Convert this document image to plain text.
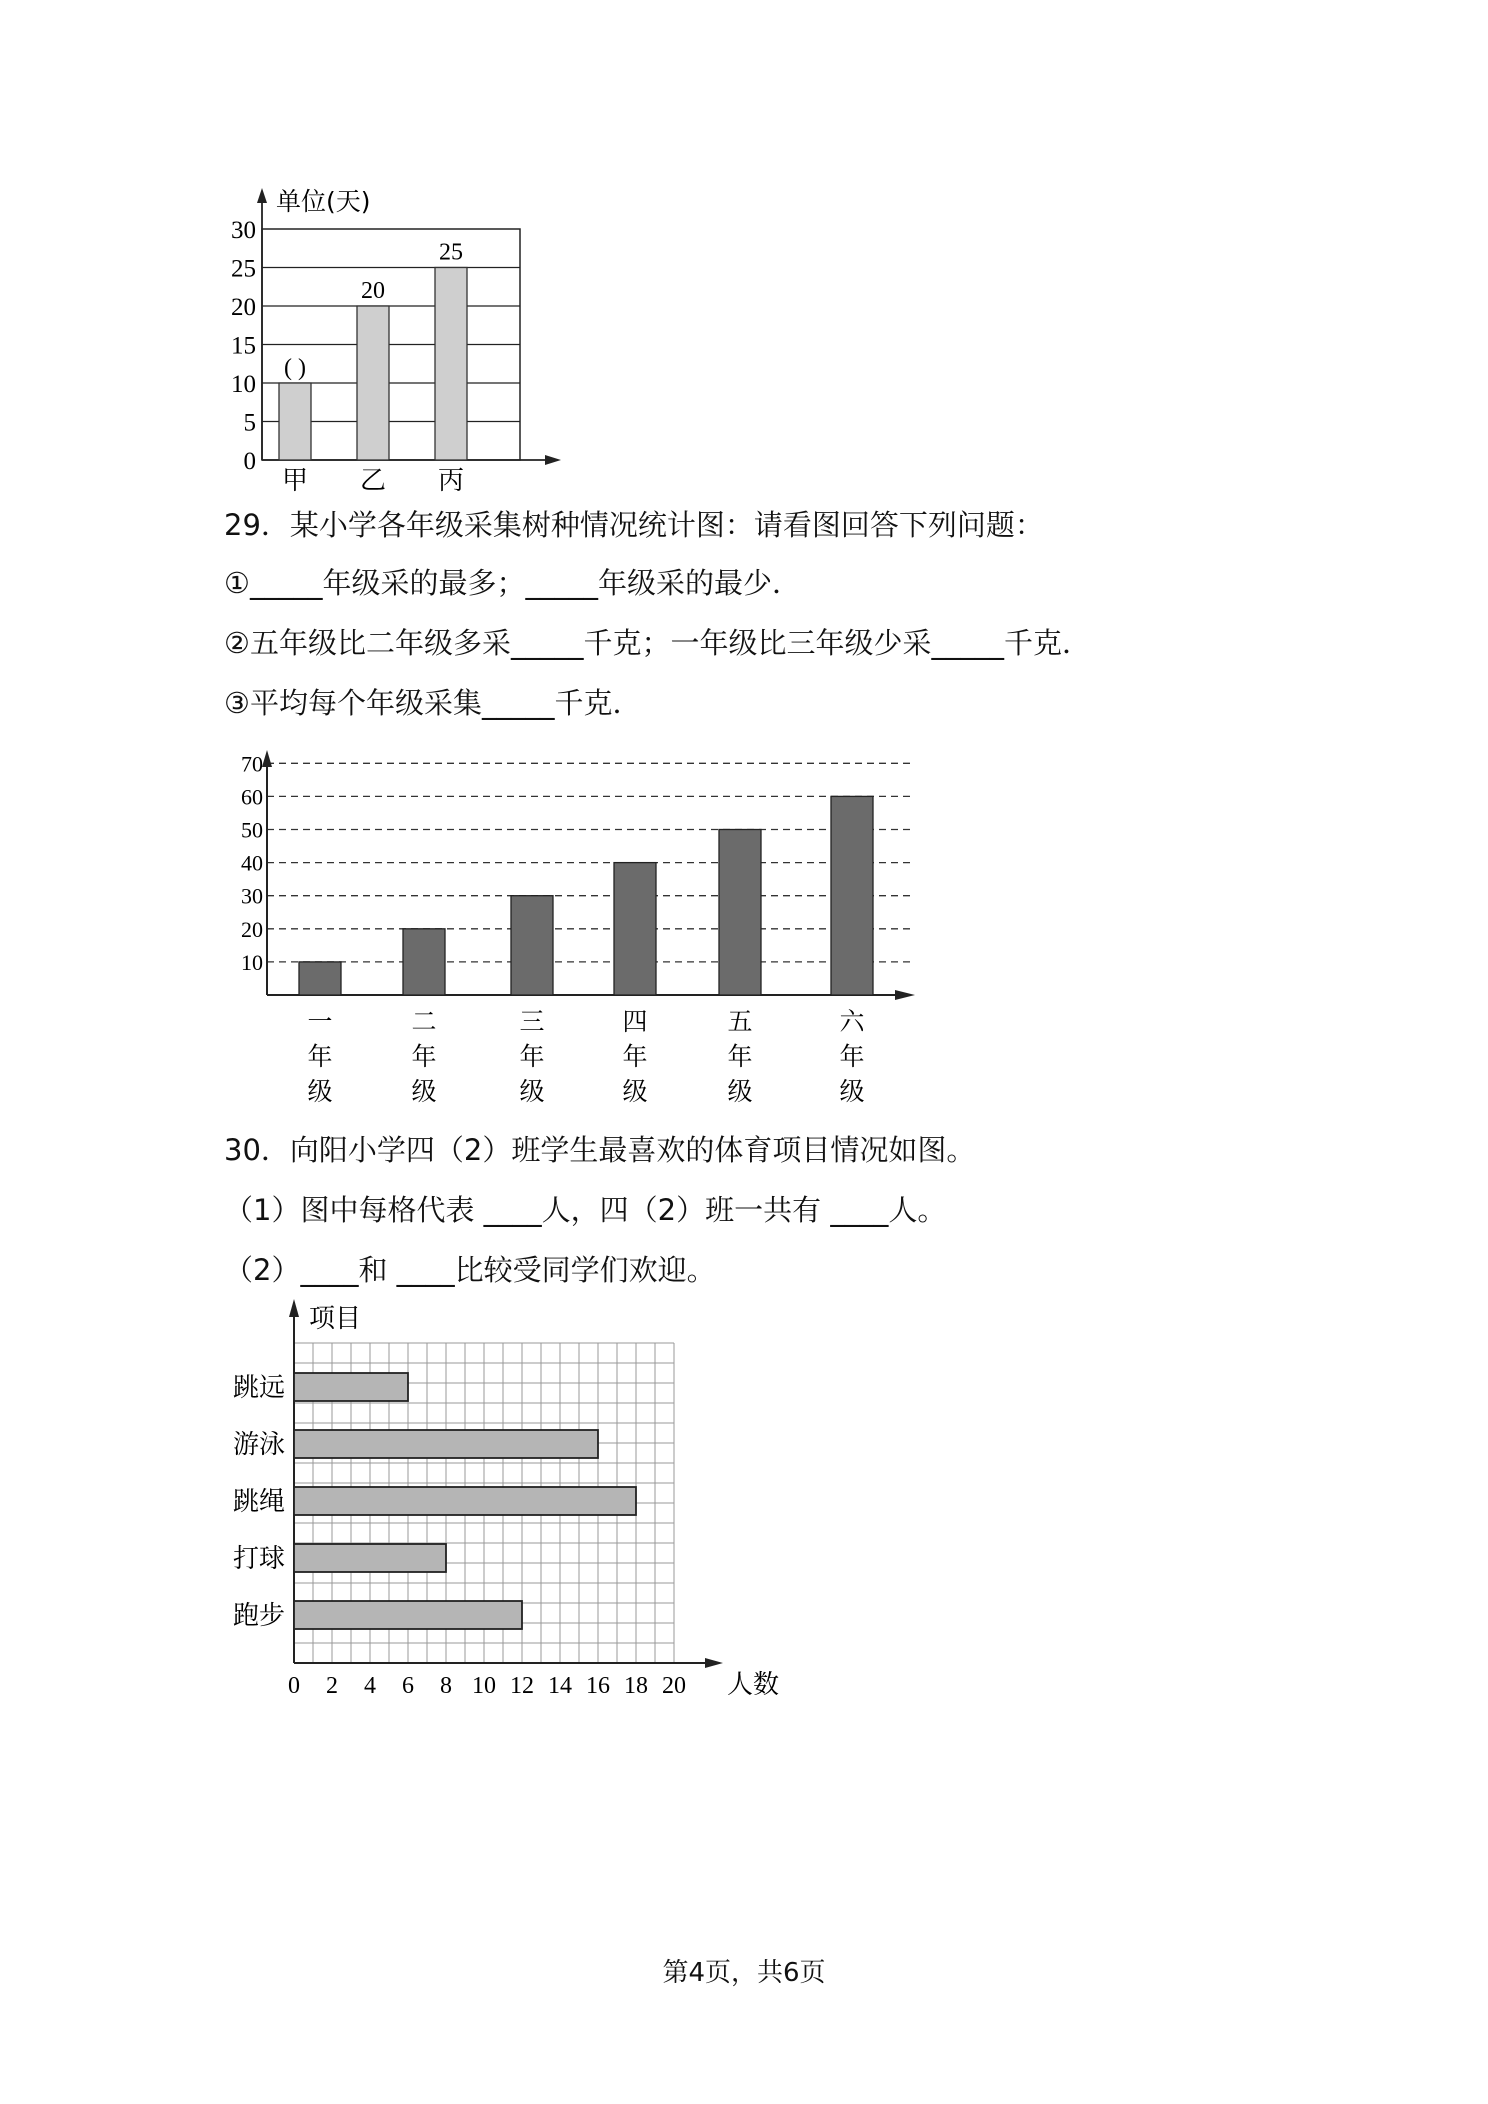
单位(天)
0
5
10
15
20
25
30
( )
甲
20
乙
25
丙
29．某小学各年级采集树种情况统计图：请看图回答下列问题：
①_____年级采的最多；_____年级采的最少．
②五年级比二年级多采_____千克；一年级比三年级少采_____千克．
③平均每个年级采集_____千克．
10
20
30
40
50
60
70
一
年
级
二
年
级
三
年
级
四
年
级
五
年
级
六
年
级
30．向阳小学四（2）班学生最喜欢的体育项目情况如图。
（1）图中每格代表 ____人，四（2）班一共有 ____人。
（2）____和 ____比较受同学们欢迎。
项目
人数
0 2 4 6 8 10 12 14 16 18 20
跳远
游泳
跳绳
打球
跑步
第4页，共6页
